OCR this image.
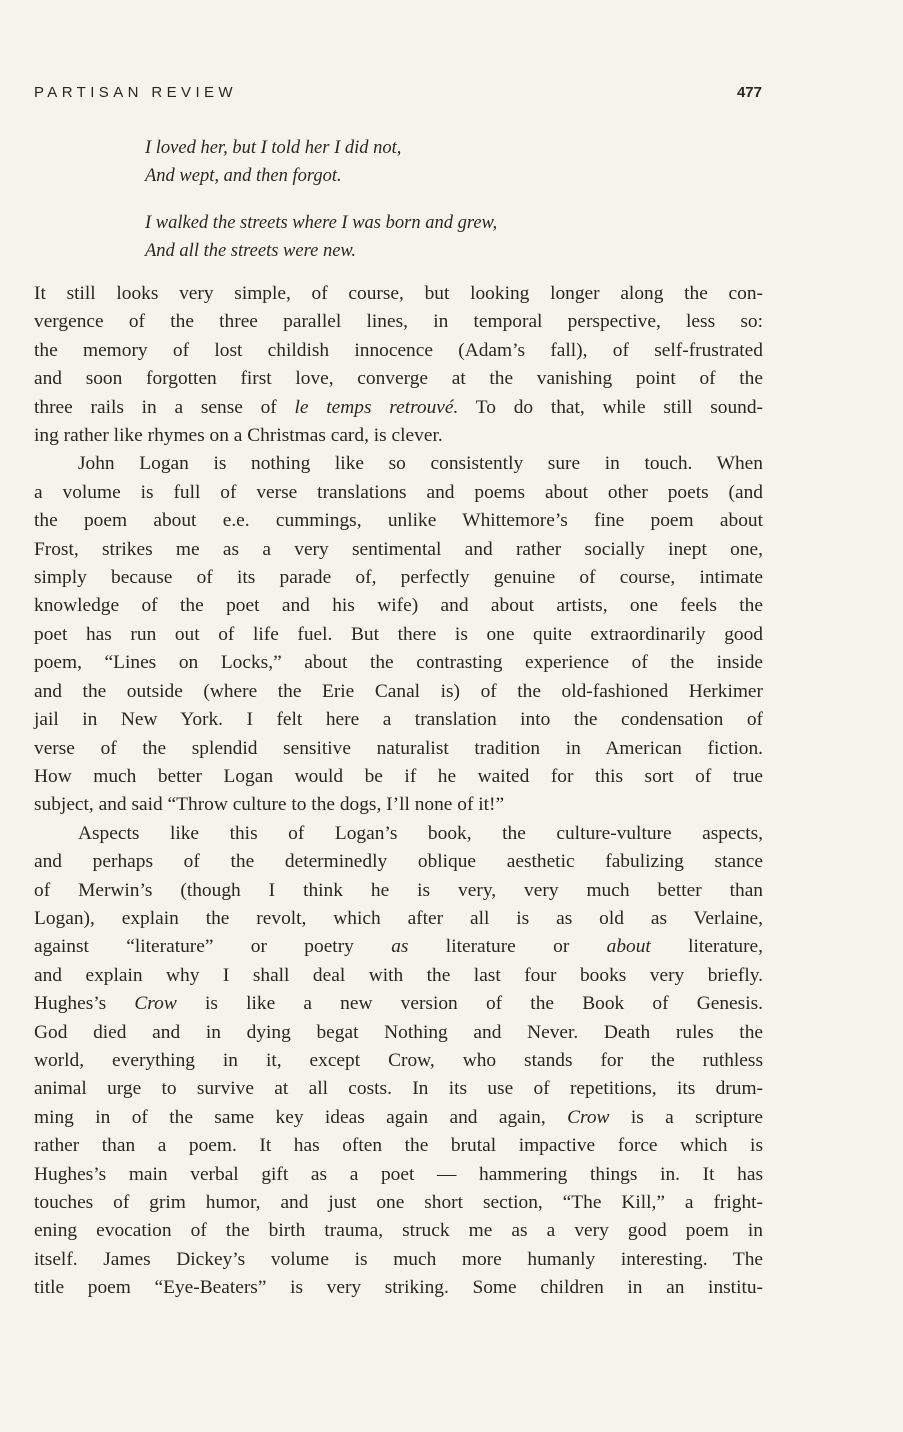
PARTISAN REVIEW	477
I loved her, but I told her I did not,
And wept, and then forgot.
I walked the streets where I was born and grew,
And all the streets were new.
It still looks very simple, of course, but looking longer along the con-
vergence of the three parallel lines, in temporal perspective, less so:
the memory of lost childish innocence (Adam’s fall), of self-frustrated
and soon forgotten first love, converge at the vanishing point of the
three rails in a sense of le temps retrouvé. To do that, while still sound-
ing rather like rhymes on a Christmas card, is clever.
John Logan is nothing like so consistently sure in touch. When
a volume is full of verse translations and poems about other poets (and
the poem about e.e. cummings, unlike Whittemore’s fine poem about
Frost, strikes me as a very sentimental and rather socially inept one,
simply because of its parade of, perfectly genuine of course, intimate
knowledge of the poet and his wife) and about artists, one feels the
poet has run out of life fuel. But there is one quite extraordinarily good
poem, “Lines on Locks,” about the contrasting experience of the inside
and the outside (where the Erie Canal is) of the old-fashioned Herkimer
jail in New York. I felt here a translation into the condensation of
verse of the splendid sensitive naturalist tradition in American fiction.
How much better Logan would be if he waited for this sort of true
subject, and said “Throw culture to the dogs, I’ll none of it!”
Aspects like this of Logan’s book, the culture-vulture aspects,
and perhaps of the determinedly oblique aesthetic fabulizing stance
of Merwin’s (though I think he is very, very much better than
Logan), explain the revolt, which after all is as old as Verlaine,
against “literature” or poetry as literature or about literature,
and explain why I shall deal with the last four books very briefly.
Hughes’s Crow is like a new version of the Book of Genesis.
God died and in dying begat Nothing and Never. Death rules the
world, everything in it, except Crow, who stands for the ruthless
animal urge to survive at all costs. In its use of repetitions, its drum-
ming in of the same key ideas again and again, Crow is a scripture
rather than a poem. It has often the brutal impactive force which is
Hughes’s main verbal gift as a poet — hammering things in. It has
touches of grim humor, and just one short section, “The Kill,” a fright-
ening evocation of the birth trauma, struck me as a very good poem in
itself. James Dickey’s volume is much more humanly interesting. The
title poem “Eye-Beaters” is very striking. Some children in an institu-
